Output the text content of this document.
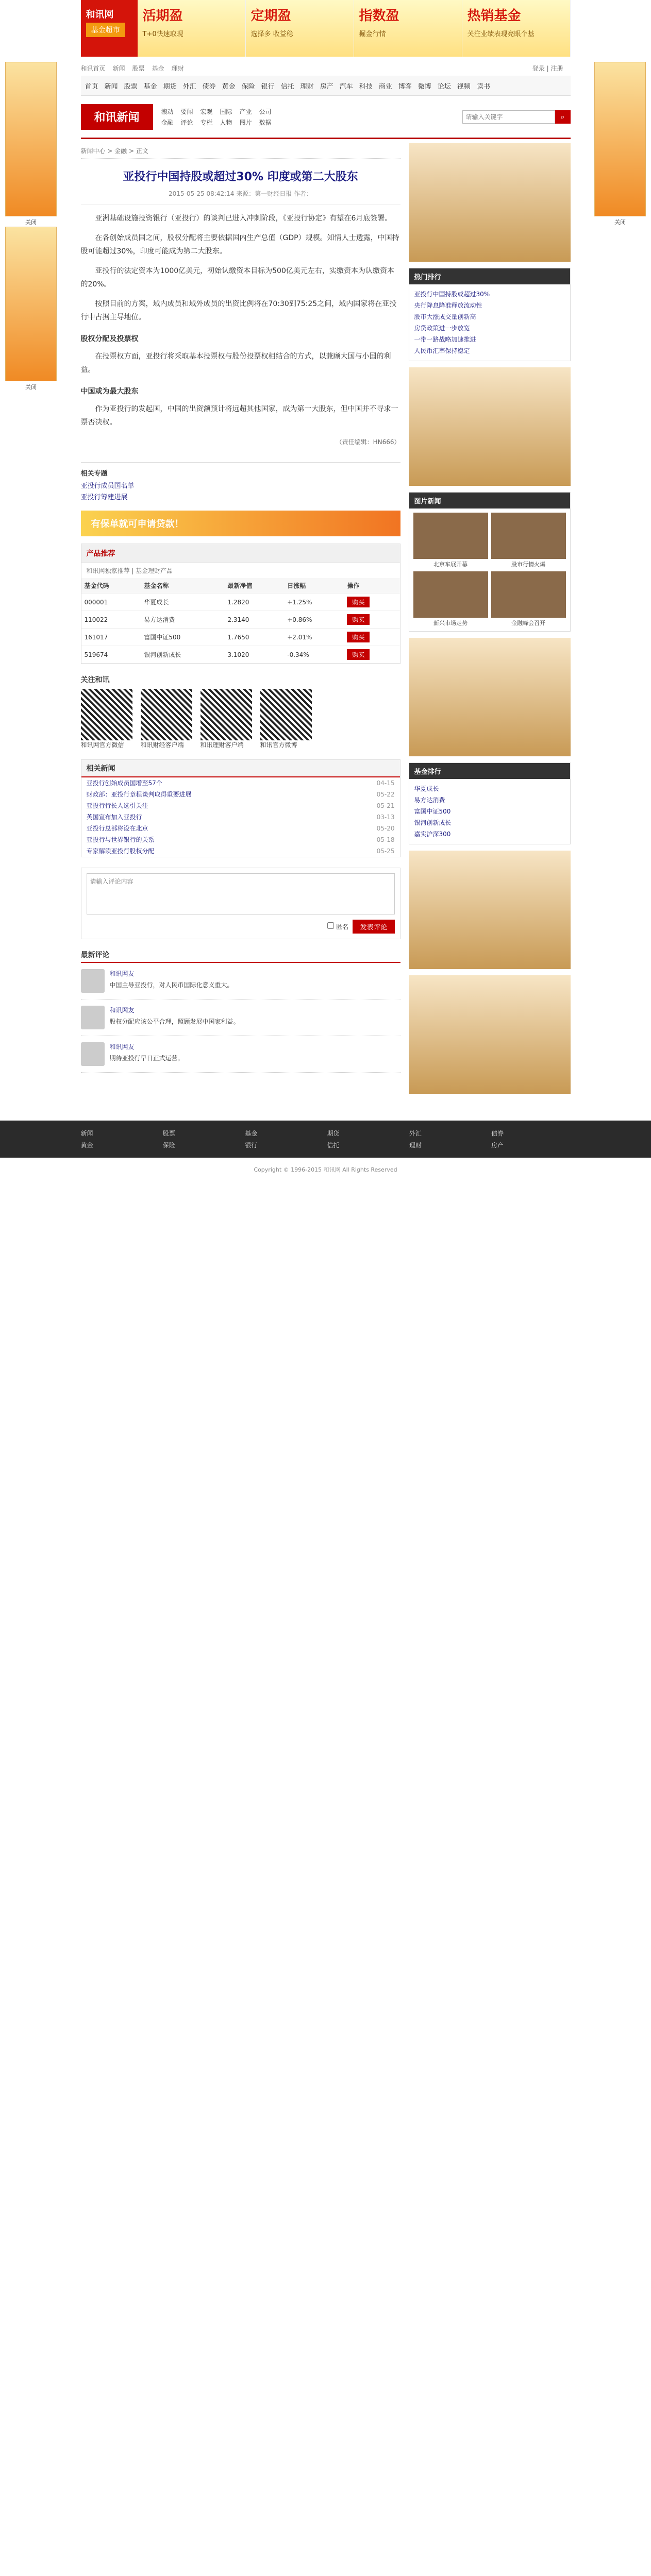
关闭
关闭
关闭
和讯网
基金超市
活期盈
T+0快速取现
定期盈
选择多 收益稳
指数盈
掘金行情
热销基金
关注业绩表现亮眼个基
和讯首页 新闻 股票 基金 理财	登录 | 注册
首页 新闻 股票 基金 期货 外汇 债券 黄金 保险 银行 信托 理财 房产 汽车 科技 商业 博客 微博 论坛 视频 读书
和讯新闻	滚动 要闻 宏观 国际 产业 公司
金融 评论 专栏 人物 图片 数据
请输入关键字
⌕
新闻中心 > 金融 > 正文
亚投行中国持股或超过30% 印度或第二大股东
2015-05-25 08:42:14 来源：第一财经日报 作者：

亚洲基础设施投资银行（亚投行）的谈判已进入冲刺阶段，《亚投行协定》有望在6月底签署。

在各创始成员国之间，股权分配将主要依据国内生产总值（GDP）规模。知情人士透露，中国持股可能超过30%，印度可能成为第二大股东。

亚投行的法定资本为1000亿美元，初始认缴资本目标为500亿美元左右，实缴资本为认缴资本的20%。

按照目前的方案，域内成员和域外成员的出资比例将在70:30到75:25之间，域内国家将在亚投行中占据主导地位。

股权分配及投票权

在投票权方面，亚投行将采取基本投票权与股份投票权相结合的方式，以兼顾大国与小国的利益。

中国或为最大股东

作为亚投行的发起国，中国的出资额预计将远超其他国家，成为第一大股东，但中国并不寻求一票否决权。

（责任编辑：HN666）
相关专题
亚投行成员国名单
亚投行筹建进展
有保单就可申请贷款！
产品推荐
和讯网独家推荐 | 基金理财产品
基金代码	基金名称	最新净值	日涨幅	操作
000001	华夏成长	1.2820	+1.25%	购买
110022	易方达消费	2.3140	+0.86%	购买
161017	富国中证500	1.7650	+2.01%	购买
519674	银河创新成长	3.1020	-0.34%	购买
关注和讯
和讯网官方微信	和讯财经客户端	和讯理财客户端	和讯官方微博
相关新闻
亚投行创始成员国增至57个	04-15
财政部：亚投行章程谈判取得重要进展	05-22
亚投行行长人选引关注	05-21
英国宣布加入亚投行	03-13
亚投行总部将设在北京	05-20
亚投行与世界银行的关系	05-18
专家解读亚投行股权分配	05-25
请输入评论内容
匿名	发表评论
最新评论
和讯网友
中国主导亚投行，对人民币国际化意义重大。
和讯网友
股权分配应该公平合理，照顾发展中国家利益。
和讯网友
期待亚投行早日正式运营。
热门排行
亚投行中国持股或超过30%
央行降息降准释放流动性
股市大涨成交量创新高
房贷政策进一步放宽
一带一路战略加速推进
人民币汇率保持稳定
图片新闻
北京车展开幕	股市行情火爆
新兴市场走势	金融峰会召开
基金排行
华夏成长
易方达消费
富国中证500
银河创新成长
嘉实沪深300
新闻	股票	基金	期货	外汇	债券
黄金	保险	银行	信托	理财	房产
Copyright © 1996-2015 和讯网 All Rights Reserved
